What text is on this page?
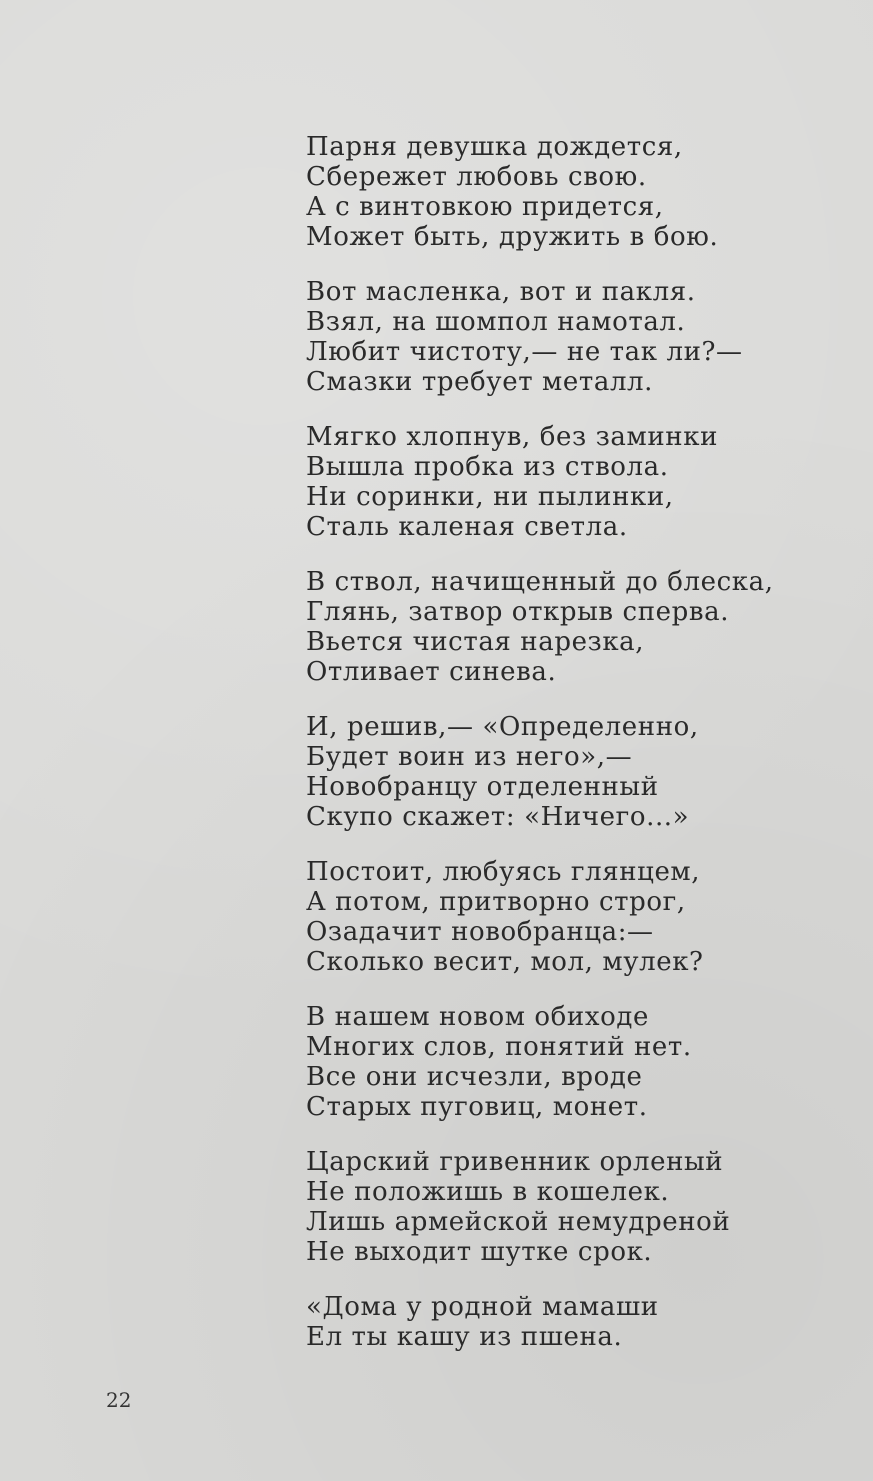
Парня девушка дождется,
Сбережет любовь свою.
А с винтовкою придется,
Может быть, дружить в бою.
Вот масленка, вот и пакля.
Взял, на шомпол намотал.
Любит чистоту,— не так ли?—
Смазки требует металл.
Мягко хлопнув, без заминки
Вышла пробка из ствола.
Ни соринки, ни пылинки,
Сталь каленая светла.
В ствол, начищенный до блеска,
Глянь, затвор открыв сперва.
Вьется чистая нарезка,
Отливает синева.
И, решив,— «Определенно,
Будет воин из него»,—
Новобранцу отделенный
Скупо скажет: «Ничего...»
Постоит, любуясь глянцем,
А потом, притворно строг,
Озадачит новобранца:—
Сколько весит, мол, мулек?
В нашем новом обиходе
Многих слов, понятий нет.
Все они исчезли, вроде
Старых пуговиц, монет.
Царский гривенник орленый
Не положишь в кошелек.
Лишь армейской немудреной
Не выходит шутке срок.
«Дома у родной мамаши
Ел ты кашу из пшена.
22
